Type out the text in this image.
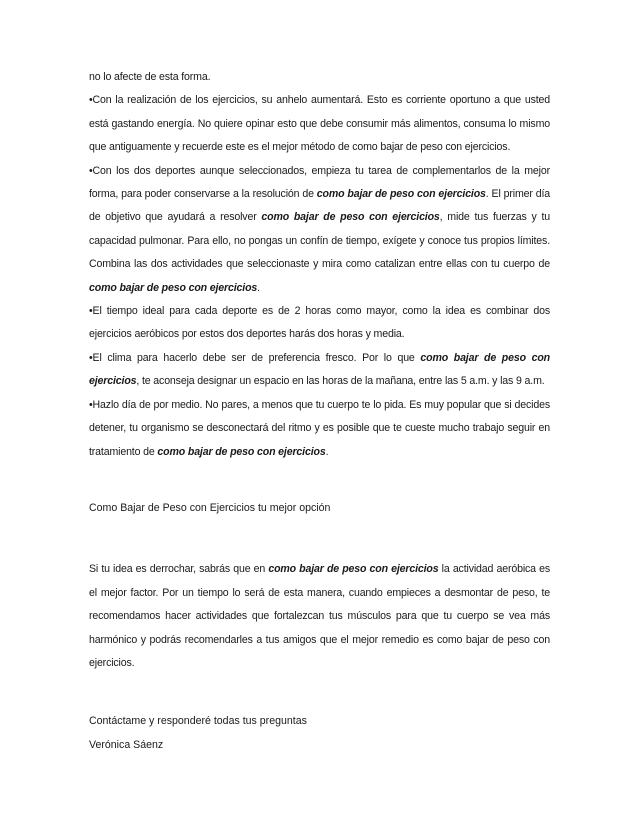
no lo afecte de esta forma.

•Con la realización de los ejercicios, su anhelo aumentará. Esto es corriente oportuno a que usted está gastando energía. No quiere opinar esto que debe consumir más alimentos, consuma lo mismo que antiguamente y recuerde este es el mejor método de como bajar de peso con ejercicios.

•Con los dos deportes aunque seleccionados, empieza tu tarea de complementarlos de la mejor forma, para poder conservarse a la resolución de como bajar de peso con ejercicios. El primer día de objetivo que ayudará a resolver como bajar de peso con ejercicios, mide tus fuerzas y tu capacidad pulmonar. Para ello, no pongas un confín de tiempo, exígete y conoce tus propios límites. Combina las dos actividades que seleccionaste y mira como catalizan entre ellas con tu cuerpo de como bajar de peso con ejercicios.

•El tiempo ideal para cada deporte es de 2 horas como mayor, como la idea es combinar dos ejercicios aeróbicos por estos dos deportes harás dos horas y media.

•El clima para hacerlo debe ser de preferencia fresco. Por lo que como bajar de peso con ejercicios, te aconseja designar un espacio en las horas de la mañana, entre las 5 a.m. y las 9 a.m.

•Hazlo día de por medio. No pares, a menos que tu cuerpo te lo pida. Es muy popular que si decides detener, tu organismo se desconectará del ritmo y es posible que te cueste mucho trabajo seguir en tratamiento de como bajar de peso con ejercicios.

Como Bajar de Peso con Ejercicios tu mejor opción

Si tu idea es derrochar, sabrás que en como bajar de peso con ejercicios la actividad aeróbica es el mejor factor. Por un tiempo lo será de esta manera, cuando empieces a desmontar de peso, te recomendamos hacer actividades que fortalezcan tus músculos para que tu cuerpo se vea más harmónico y podrás recomendarles a tus amigos que el mejor remedio es como bajar de peso con ejercicios.

Contáctame y responderé todas tus preguntas

Verónica Sáenz
